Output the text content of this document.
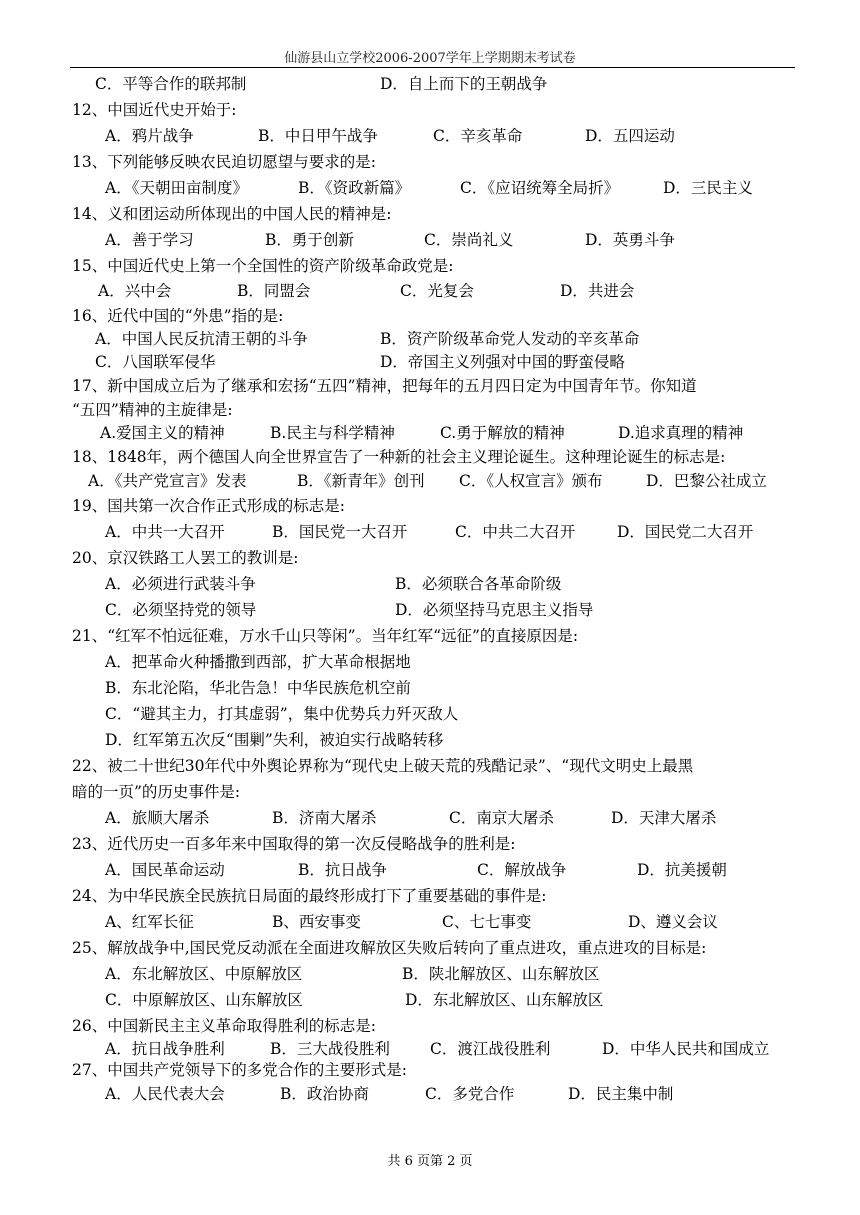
仙游县山立学校2006-2007学年上学期期末考试卷
C．平等合作的联邦制	D．自上而下的王朝战争
12、中国近代史开始于:
A．鸦片战争	B．中日甲午战争	C．辛亥革命	D．五四运动
13、下列能够反映农民迫切愿望与要求的是:
A．《天朝田亩制度》	B．《资政新篇》	C．《应诏统筹全局折》	D．三民主义
14、义和团运动所体现出的中国人民的精神是:
A．善于学习	B．勇于创新	C．崇尚礼义	D．英勇斗争
15、中国近代史上第一个全国性的资产阶级革命政党是:
A．兴中会	B．同盟会	C．光复会	D．共进会
16、近代中国的“外患”指的是:
A．中国人民反抗清王朝的斗争	B．资产阶级革命党人发动的辛亥革命
C．八国联军侵华	D．帝国主义列强对中国的野蛮侵略
17、新中国成立后为了继承和宏扬“五四”精神，把每年的五月四日定为中国青年节。你知道
“五四”精神的主旋律是:
A.爱国主义的精神	B.民主与科学精神	C.勇于解放的精神	D.追求真理的精神
18、1848年，两个德国人向全世界宣告了一种新的社会主义理论诞生。这种理论诞生的标志是:
A．《共产党宣言》发表	B．《新青年》创刊 C．《人权宣言》颁布	D．巴黎公社成立
19、国共第一次合作正式形成的标志是:
A．中共一大召开	B．国民党一大召开	C．中共二大召开	D．国民党二大召开
20、京汉铁路工人罢工的教训是:
A．必须进行武装斗争	B．必须联合各革命阶级
C．必须坚持党的领导	D．必须坚持马克思主义指导
21、“红军不怕远征难，万水千山只等闲”。当年红军“远征”的直接原因是:
A．把革命火种播撒到西部，扩大革命根据地
B．东北沦陷，华北告急！中华民族危机空前
C．“避其主力，打其虚弱”，集中优势兵力歼灭敌人
D．红军第五次反“围剿”失利，被迫实行战略转移
22、被二十世纪30年代中外舆论界称为“现代史上破天荒的残酷记录”、“现代文明史上最黑
暗的一页”的历史事件是:
A．旅顺大屠杀	B．济南大屠杀	C．南京大屠杀	D．天津大屠杀
23、近代历史一百多年来中国取得的第一次反侵略战争的胜利是:
A．国民革命运动	B．抗日战争	C．解放战争	D．抗美援朝
24、为中华民族全民族抗日局面的最终形成打下了重要基础的事件是:
A、红军长征	B、西安事变	C、七七事变	D、遵义会议
25、解放战争中,国民党反动派在全面进攻解放区失败后转向了重点进攻，重点进攻的目标是:
A．东北解放区、中原解放区	B．陕北解放区、山东解放区
C．中原解放区、山东解放区	D．东北解放区、山东解放区
26、中国新民主主义革命取得胜利的标志是:
A．抗日战争胜利	B．三大战役胜利	C．渡江战役胜利	D．中华人民共和国成立
27、中国共产党领导下的多党合作的主要形式是:
A．人民代表大会	B．政治协商	C．多党合作	D．民主集中制
共 6 页第 2 页
